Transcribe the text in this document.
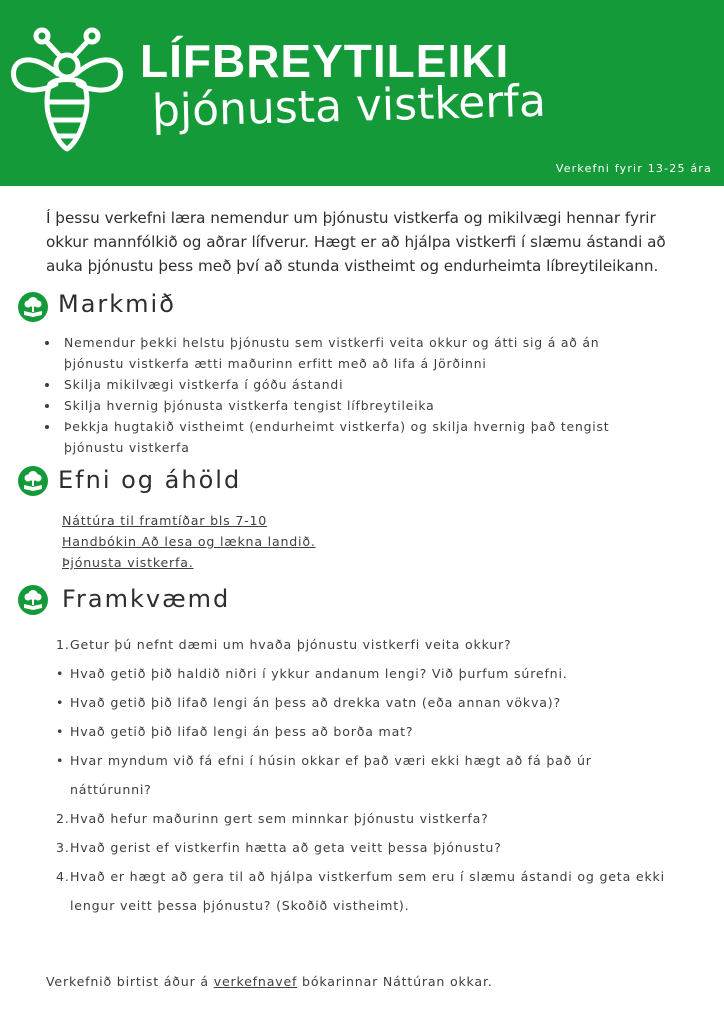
LÍFBREYTILEIKI
þjónusta vistkerfa
Verkefni fyrir 13-25 ára

Í þessu verkefni læra nemendur um þjónustu vistkerfa og mikilvægi hennar fyrir okkur mannfólkið og aðrar lífverur. Hægt er að hjálpa vistkerfi í slæmu ástandi að auka þjónustu þess með því að stunda vistheimt og endurheimta líbreytileikann.

Markmið
• Nemendur þekki helstu þjónustu sem vistkerfi veita okkur og átti sig á að án þjónustu vistkerfa ætti maðurinn erfitt með að lifa á Jörðinni
• Skilja mikilvægi vistkerfa í góðu ástandi
• Skilja hvernig þjónusta vistkerfa tengist lífbreytileika
• Þekkja hugtakið vistheimt (endurheimt vistkerfa) og skilja hvernig það tengist þjónustu vistkerfa
Efni og áhöld
Náttúra til framtíðar bls 7-10
Handbókin Að lesa og lækna landið.
Þjónusta vistkerfa.
Framkvæmd
1. Getur þú nefnt dæmi um hvaða þjónustu vistkerfi veita okkur?
• Hvað getið þið haldið niðri í ykkur andanum lengi? Við þurfum súrefni.
• Hvað getið þið lifað lengi án þess að drekka vatn (eða annan vökva)?
• Hvað getið þið lifað lengi án þess að borða mat?
• Hvar myndum við fá efni í húsin okkar ef það væri ekki hægt að fá það úr náttúrunni?
2. Hvað hefur maðurinn gert sem minnkar þjónustu vistkerfa?
3. Hvað gerist ef vistkerfin hætta að geta veitt þessa þjónustu?
4. Hvað er hægt að gera til að hjálpa vistkerfum sem eru í slæmu ástandi og geta ekki lengur veitt þessa þjónustu? (Skoðið vistheimt).
Verkefnið birtist áður á verkefnavef bókarinnar Náttúran okkar.
